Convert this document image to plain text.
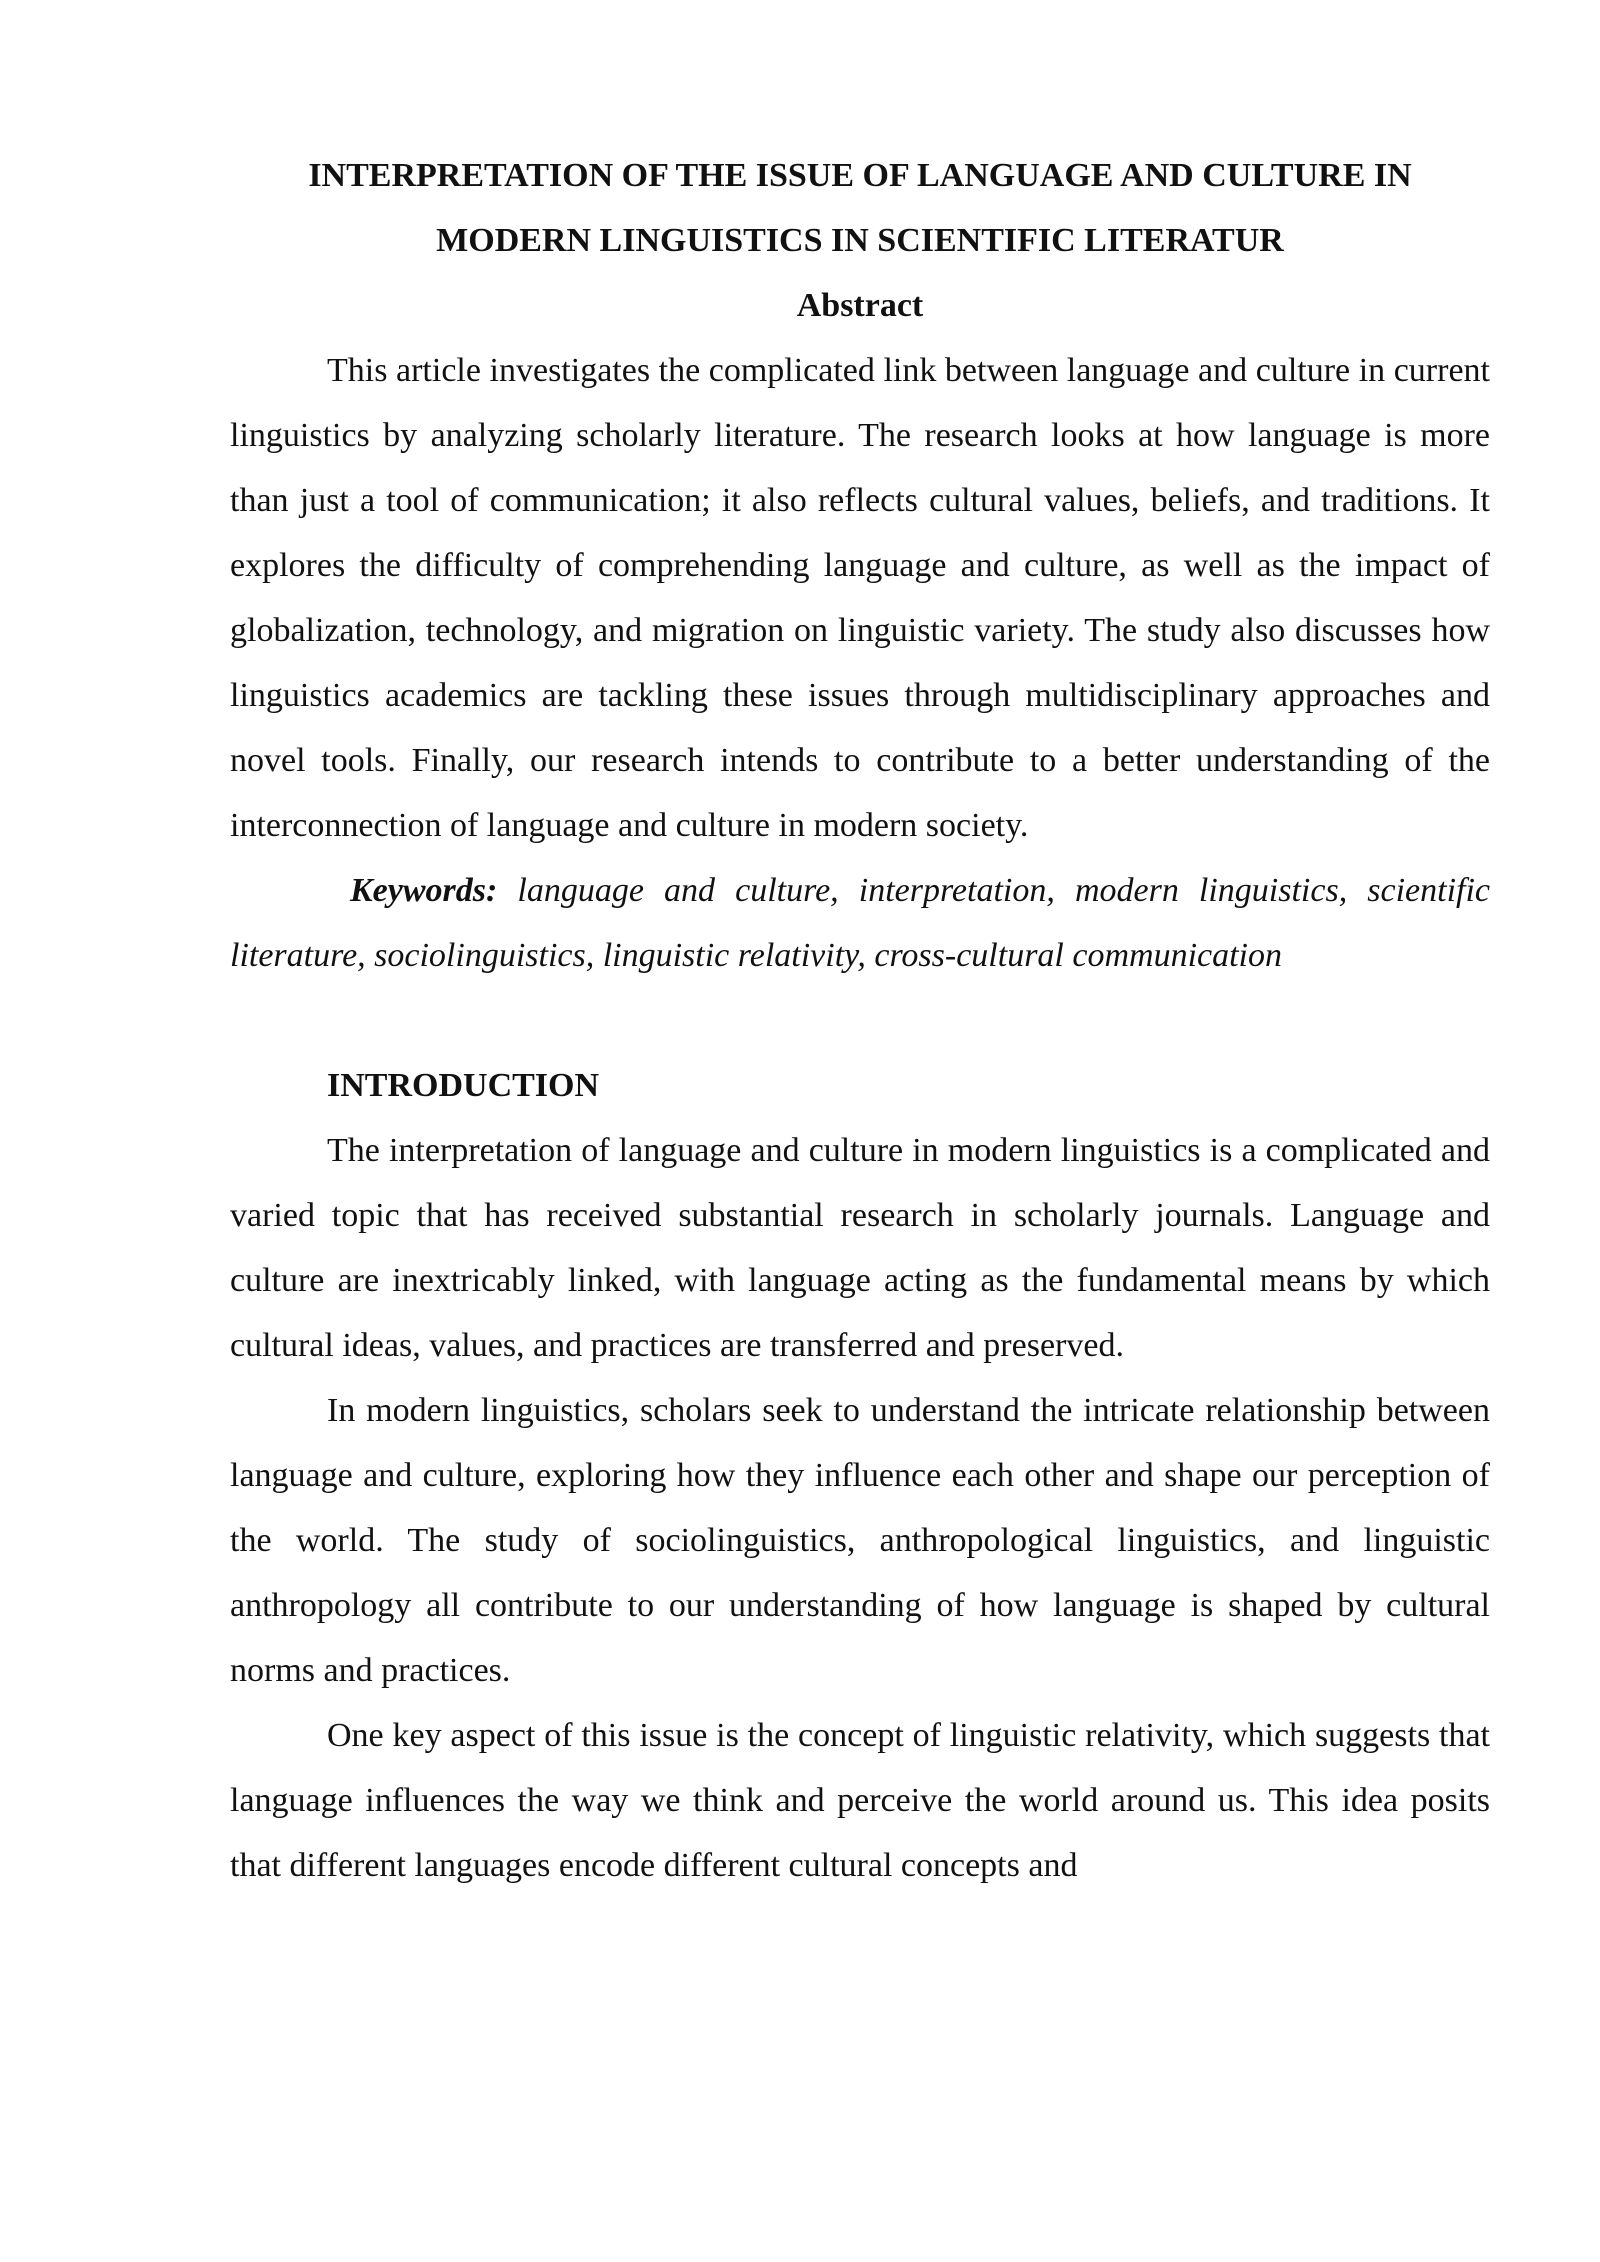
INTERPRETATION OF THE ISSUE OF LANGUAGE AND CULTURE IN
MODERN LINGUISTICS IN SCIENTIFIC LITERATUR
Abstract

This article investigates the complicated link between language and culture in current linguistics by analyzing scholarly literature. The research looks at how language is more than just a tool of communication; it also reflects cultural values, beliefs, and traditions. It explores the difficulty of comprehending language and culture, as well as the impact of globalization, technology, and migration on linguistic variety. The study also discusses how linguistics academics are tackling these issues through multidisciplinary approaches and novel tools. Finally, our research intends to contribute to a better understanding of the interconnection of language and culture in modern society.

Keywords: language and culture, interpretation, modern linguistics, scientific literature, sociolinguistics, linguistic relativity, cross-cultural communication

INTRODUCTION

The interpretation of language and culture in modern linguistics is a complicated and varied topic that has received substantial research in scholarly journals. Language and culture are inextricably linked, with language acting as the fundamental means by which cultural ideas, values, and practices are transferred and preserved.

In modern linguistics, scholars seek to understand the intricate relationship between language and culture, exploring how they influence each other and shape our perception of the world. The study of sociolinguistics, anthropological linguistics, and linguistic anthropology all contribute to our understanding of how language is shaped by cultural norms and practices.

One key aspect of this issue is the concept of linguistic relativity, which suggests that language influences the way we think and perceive the world around us. This idea posits that different languages encode different cultural concepts and
